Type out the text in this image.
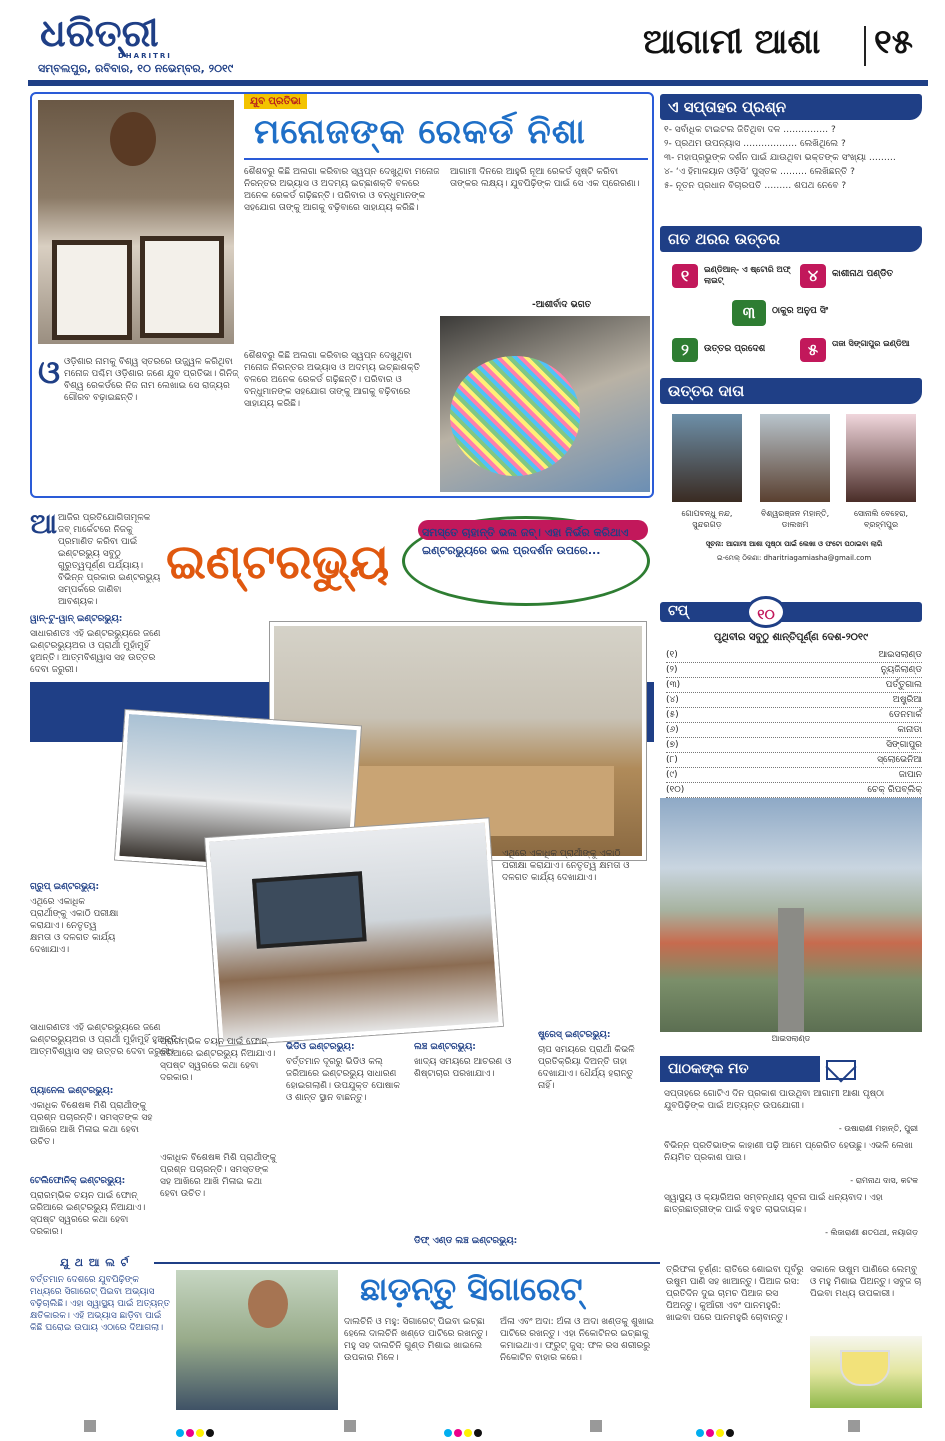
ଧରିତ୍ରୀ
DHARITRI
ସମ୍ବଲପୁର, ରବିବାର, ୧୦ ନଭେମ୍ବର, ୨୦୧୯
ଆଗାମୀ ଆଶା ୧୫
ଯୁବ ପ୍ରତିଭା
ମନୋଜଙ୍କ ରେକର୍ଡ ନିଶା
ଶୈଶବରୁ କିଛି ଅଲଗା କରିବାର ସ୍ୱପ୍ନ ଦେଖୁଥିବା ମନୋଜ ନିରନ୍ତର ଅଭ୍ୟାସ ଓ ଅଦମ୍ୟ ଇଚ୍ଛାଶକ୍ତି ବଳରେ ଅନେକ ରେକର୍ଡ ଗଢ଼ିଛନ୍ତି। ପରିବାର ଓ ବନ୍ଧୁମାନଙ୍କ ସହଯୋଗ ତାଙ୍କୁ ଆଗକୁ ବଢ଼ିବାରେ ସାହାଯ୍ୟ କରିଛି।
ଆଗାମୀ ଦିନରେ ଆହୁରି ନୂଆ ରେକର୍ଡ ସୃଷ୍ଟି କରିବା ତାଙ୍କର ଲକ୍ଷ୍ୟ। ଯୁବପିଢ଼ିଙ୍କ ପାଇଁ ସେ ଏକ ପ୍ରେରଣା।
-ଆଶୀର୍ବାଦ ଭଗତ
ଓ ଓଡ଼ିଶାର ନାମକୁ ବିଶ୍ୱ ସ୍ତରରେ ଉଜ୍ଜ୍ୱଳ କରିଥିବା ମନୋଜ ପଶ୍ଚିମ ଓଡ଼ିଶାର ଜଣେ ଯୁବ ପ୍ରତିଭା। ଗିନିଜ୍ ବିଶ୍ୱ ରେକର୍ଡରେ ନିଜ ନାମ ଲେଖାଇ ସେ ରାଜ୍ୟର ଗୌରବ ବଢ଼ାଇଛନ୍ତି।
ଶୈଶବରୁ କିଛି ଅଲଗା କରିବାର ସ୍ୱପ୍ନ ଦେଖୁଥିବା ମନୋଜ ନିରନ୍ତର ଅଭ୍ୟାସ ଓ ଅଦମ୍ୟ ଇଚ୍ଛାଶକ୍ତି ବଳରେ ଅନେକ ରେକର୍ଡ ଗଢ଼ିଛନ୍ତି। ପରିବାର ଓ ବନ୍ଧୁମାନଙ୍କ ସହଯୋଗ ତାଙ୍କୁ ଆଗକୁ ବଢ଼ିବାରେ ସାହାଯ୍ୟ କରିଛି।
ଏ ସପ୍ତାହର ପ୍ରଶ୍ନ
୧- ସର୍ବାଧିକ ଟାଇଟଲ ଜିତିଥିବା ଦଳ …………… ?
୨- ପ୍ରଥମ ଉପନ୍ୟାସ ……………… ଲେଖିଥିଲେ ?
୩- ମହାପ୍ରଭୁଙ୍କ ଦର୍ଶନ ପାଇଁ ଯାଉଥିବା ଭକ୍ତଙ୍କ ସଂଖ୍ୟା ………
୪- ‘ଏ ହିମାଳୟାନ ଓଡ଼ିସି’ ପୁସ୍ତକ ……… ଲେଖିଛନ୍ତି ?
୫- ନୂତନ ପ୍ରଧାନ ବିଚାରପତି ……… ଶପଥ ନେବେ ?
ଗତ ଥରର ଉତ୍ତର
୧	ଇଣ୍ଡିଆନ୍- ଏ ଷ୍ଟୋରି ଅଫ୍ ଲାଇଟ୍	୪	କାଶୀନାଥ ପଣ୍ଡିତ
୩	ଠାକୁର ଅନୁପ ସିଂ
୨	ଉତ୍ତର ପ୍ରଦେଶ	୫	ତାଜା ସିଙ୍ଗାପୁର ଇଣ୍ଡିଆ
ଉତ୍ତର ଦାତା
ଗୋପବନ୍ଧୁ ନନ୍ଦ, ସୁନ୍ଦରଗଡ଼
ବିଶ୍ୱରଞ୍ଜନ ମହାନ୍ତି, ଡାଲଖମ
ସୋନାଲି ବେହେରା, ବ୍ରହ୍ମପୁର
ସୂଚନା: ଆଗାମୀ ଆଶା ପୃଷ୍ଠା ପାଇଁ ଲେଖା ଓ ଫଟୋ ପଠାଇବା ଲାଗି
ଇ-ମେଲ୍ ଠିକଣା: dharitriagamiasha@gmail.com
ଟପ୍	୧୦
ପୃଥିବୀର ସବୁଠୁ ଶାନ୍ତିପୂର୍ଣ୍ଣ ଦେଶ-୨୦୧୯
(୧)	ଆଇସଲାଣ୍ଡ
(୨)	ନ୍ୟୁଜିଲାଣ୍ଡ
(୩)	ପର୍ତ୍ତୁଗାଲ
(୪)	ଅଷ୍ଟ୍ରିଆ
(୫)	ଡେନମାର୍କ
(୬)	କାନାଡା
(୭)	ସିଙ୍ଗାପୁର
(୮)	ସ୍ଲୋଭେନିଆ
(୯)	ଜାପାନ
(୧୦)	ଚେକ୍ ରିପବ୍ଲିକ୍
ଆଇସଲାଣ୍ଡ
ପାଠକଙ୍କ ମତ
ସପ୍ତାହରେ ଗୋଟିଏ ଦିନ ପ୍ରକାଶ ପାଉଥିବା ଆଗାମୀ ଆଶା ପୃଷ୍ଠା ଯୁବପିଢ଼ିଙ୍କ ପାଇଁ ଅତ୍ୟନ୍ତ ଉପଯୋଗୀ।
- ଉଷାରାଣୀ ମହାନ୍ତି, ପୁରୀ
ବିଭିନ୍ନ ପ୍ରତିଭାଙ୍କ କାହାଣୀ ପଢ଼ି ଆମେ ପ୍ରେରିତ ହେଉଛୁ। ଏଭଳି ଲେଖା ନିୟମିତ ପ୍ରକାଶ ପାଉ।
- ରାମନାଥ ଦାସ, କଟକ
ସ୍ୱାସ୍ଥ୍ୟ ଓ କ୍ୟାରିଅର ସମ୍ବନ୍ଧୀୟ ସୂଚନା ପାଇଁ ଧନ୍ୟବାଦ। ଏହା ଛାତ୍ରଛାତ୍ରୀଙ୍କ ପାଇଁ ବହୁତ ଲାଭଦାୟକ।
- ଲିଜାରାଣୀ ଶତପଥୀ, ନୟାଗଡ଼
ଆ ଆଜିର ପ୍ରତିଯୋଗିତାମୂଳକ ଜବ୍ ମାର୍କେଟରେ ନିଜକୁ ପ୍ରମାଣିତ କରିବା ପାଇଁ ଇଣ୍ଟରଭ୍ୟୁ ସବୁଠୁ ଗୁରୁତ୍ୱପୂର୍ଣ୍ଣ ପର୍ଯ୍ୟାୟ। ବିଭିନ୍ନ ପ୍ରକାର ଇଣ୍ଟରଭ୍ୟୁ ସମ୍ପର୍କରେ ଜାଣିବା ଆବଶ୍ୟକ।
ଇଣ୍ଟରଭ୍ୟୁ
ସମସ୍ତେ ଚାହାନ୍ତି ଭଲ ଜବ୍। ଏହା ନିର୍ଭର କରିଥାଏ ଇଣ୍ଟରଭ୍ୟୁରେ ଭଲ ପ୍ରଦର୍ଶନ ଉପରେ...
ୱାନ୍-ଟୁ-ୱାନ୍ ଇଣ୍ଟରଭ୍ୟୁ:
ସାଧାରଣତଃ ଏହି ଇଣ୍ଟରଭ୍ୟୁରେ ଜଣେ ଇଣ୍ଟରଭ୍ୟୁଅର ଓ ପ୍ରାର୍ଥୀ ମୁହାଁମୁହିଁ ହୁଅନ୍ତି। ଆତ୍ମବିଶ୍ୱାସ ସହ ଉତ୍ତର ଦେବା ଜରୁରୀ।
ଗ୍ରୁପ୍ ଇଣ୍ଟରଭ୍ୟୁ:
ଏଥିରେ ଏକାଧିକ ପ୍ରାର୍ଥୀଙ୍କୁ ଏକାଠି ପରୀକ୍ଷା କରାଯାଏ। ନେତୃତ୍ୱ କ୍ଷମତା ଓ ଦଳଗତ କାର୍ଯ୍ୟ ଦେଖାଯାଏ।
ସାଧାରଣତଃ ଏହି ଇଣ୍ଟରଭ୍ୟୁରେ ଜଣେ ଇଣ୍ଟରଭ୍ୟୁଅର ଓ ପ୍ରାର୍ଥୀ ମୁହାଁମୁହିଁ ହୁଅନ୍ତି। ଆତ୍ମବିଶ୍ୱାସ ସହ ଉତ୍ତର ଦେବା ଜରୁରୀ।
ପ୍ୟାନେଲ ଇଣ୍ଟରଭ୍ୟୁ:
ଏକାଧିକ ବିଶେଷଜ୍ଞ ମିଶି ପ୍ରାର୍ଥୀଙ୍କୁ ପ୍ରଶ୍ନ ପଚାରନ୍ତି। ସମସ୍ତଙ୍କ ସହ ଆଖିରେ ଆଖି ମିଳାଇ କଥା ହେବା ଉଚିତ।
ଟେଲିଫୋନିକ୍ ଇଣ୍ଟରଭ୍ୟୁ:
ପ୍ରାରମ୍ଭିକ ଚୟନ ପାଇଁ ଫୋନ୍ ଜରିଆରେ ଇଣ୍ଟରଭ୍ୟୁ ନିଆଯାଏ। ସ୍ପଷ୍ଟ ସ୍ୱରରେ କଥା ହେବା ଦରକାର।
ପ୍ରାରମ୍ଭିକ ଚୟନ ପାଇଁ ଫୋନ୍ ଜରିଆରେ ଇଣ୍ଟରଭ୍ୟୁ ନିଆଯାଏ। ସ୍ପଷ୍ଟ ସ୍ୱରରେ କଥା ହେବା ଦରକାର।
ଏକାଧିକ ବିଶେଷଜ୍ଞ ମିଶି ପ୍ରାର୍ଥୀଙ୍କୁ ପ୍ରଶ୍ନ ପଚାରନ୍ତି। ସମସ୍ତଙ୍କ ସହ ଆଖିରେ ଆଖି ମିଳାଇ କଥା ହେବା ଉଚିତ।
ଭିଡିଓ ଇଣ୍ଟରଭ୍ୟୁ:
ବର୍ତ୍ତମାନ ଦୂରରୁ ଭିଡିଓ କଲ୍ ଜରିଆରେ ଇଣ୍ଟରଭ୍ୟୁ ସାଧାରଣ ହୋଇଗଲାଣି। ଉପଯୁକ୍ତ ପୋଷାକ ଓ ଶାନ୍ତ ସ୍ଥାନ ବାଛନ୍ତୁ।
ଲଞ୍ଚ ଇଣ୍ଟରଭ୍ୟୁ:
ଖାଦ୍ୟ ସମୟରେ ଆଚରଣ ଓ ଶିଷ୍ଟାଚାର ପରଖାଯାଏ।
ଡିଫ୍ ଏଣ୍ଡ ଲଞ୍ଚ ଇଣ୍ଟରଭ୍ୟୁ:
ଏଥିରେ ଏକାଧିକ ପ୍ରାର୍ଥୀଙ୍କୁ ଏକାଠି ପରୀକ୍ଷା କରାଯାଏ। ନେତୃତ୍ୱ କ୍ଷମତା ଓ ଦଳଗତ କାର୍ଯ୍ୟ ଦେଖାଯାଏ।
ଷ୍ଟ୍ରେସ୍ ଇଣ୍ଟରଭ୍ୟୁ:
ଚାପ ସମୟରେ ପ୍ରାର୍ଥୀ କିଭଳି ପ୍ରତିକ୍ରିୟା ଦିଅନ୍ତି ତାହା ଦେଖାଯାଏ। ଧୈର୍ଯ୍ୟ ହରାନ୍ତୁ ନାହିଁ।
ଯୁ ଥ ଆ ଲ ର୍ଟ
ବର୍ତ୍ତମାନ ଦେଶରେ ଯୁବପିଢ଼ିଙ୍କ ମଧ୍ୟରେ ସିଗାରେଟ୍ ପିଇବା ଅଭ୍ୟାସ ବଢ଼ିଚାଲିଛି। ଏହା ସ୍ୱାସ୍ଥ୍ୟ ପାଇଁ ଅତ୍ୟନ୍ତ କ୍ଷତିକାରକ। ଏହି ଅଭ୍ୟାସ ଛାଡ଼ିବା ପାଇଁ କିଛି ଘରୋଇ ଉପାୟ ଏଠାରେ ଦିଆଗଲା।
ଛାଡ଼ନ୍ତୁ ସିଗାରେଟ୍
ଦାଲଚିନି ଓ ମହୁ: ସିଗାରେଟ୍ ପିଇବା ଇଚ୍ଛା ହେଲେ ଦାଲଚିନି ଖଣ୍ଡେ ପାଟିରେ ରଖନ୍ତୁ। ମହୁ ସହ ଦାଲଚିନି ଗୁଣ୍ଡ ମିଶାଇ ଖାଇଲେ ଉପକାର ମିଳେ।
ଅଁଳା ଏବଂ ଅଦା: ଅଁଳା ଓ ଅଦା ଖଣ୍ଡକୁ ଶୁଖାଇ ପାଟିରେ ରଖନ୍ତୁ। ଏହା ନିକୋଟିନର ଇଚ୍ଛାକୁ କମାଇଥାଏ। ଫ୍ରୁଟ୍ ଜୁସ୍: ଫଳ ରସ ଶରୀରରୁ ନିକୋଟିନ ବାହାର କରେ।
ତ୍ରିଫଳା ଚୂର୍ଣ୍ଣ: ରାତିରେ ଶୋଇବା ପୂର୍ବରୁ ଉଷୁମ ପାଣି ସହ ଖାଆନ୍ତୁ। ପିଆଜ ରସ: ପ୍ରତିଦିନ ଦୁଇ ଚାମଚ ପିଆଜ ରସ ପିଅନ୍ତୁ। କୁଆଁରୀ ଏବଂ ପାନମହୁରି: ଖାଇବା ପରେ ପାନମହୁରି ଚୋବାନ୍ତୁ।
ସକାଳେ ଉଷୁମ ପାଣିରେ ଲେମ୍ବୁ ଓ ମହୁ ମିଶାଇ ପିଅନ୍ତୁ। ସବୁଜ ଚା ପିଇବା ମଧ୍ୟ ଉପକାରୀ।
